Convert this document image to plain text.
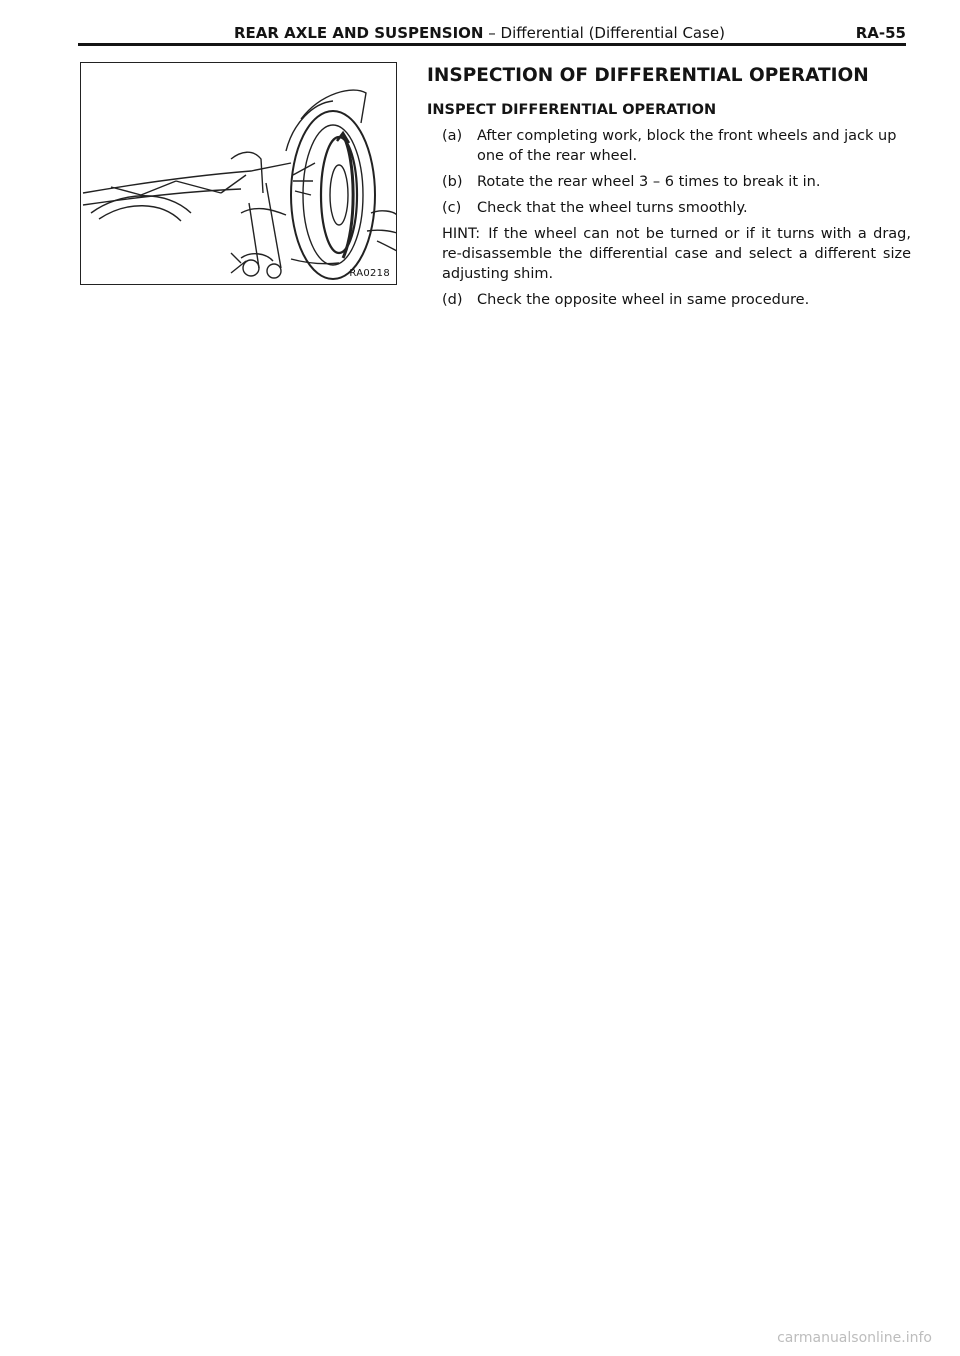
REAR AXLE AND SUSPENSION – Differential (Differential Case)	RA-55
RA0218
INSPECTION OF DIFFERENTIAL OPERATION
INSPECT DIFFERENTIAL OPERATION
(a) After completing work, block the front wheels and jack up one of the rear wheel.
(b) Rotate the rear wheel 3 – 6 times to break it in.
(c) Check that the wheel turns smoothly.
HINT: If the wheel can not be turned or if it turns with a drag, re-disassemble the differential case and select a different size adjusting shim.
(d) Check the opposite wheel in same procedure.
carmanualsonline.info
